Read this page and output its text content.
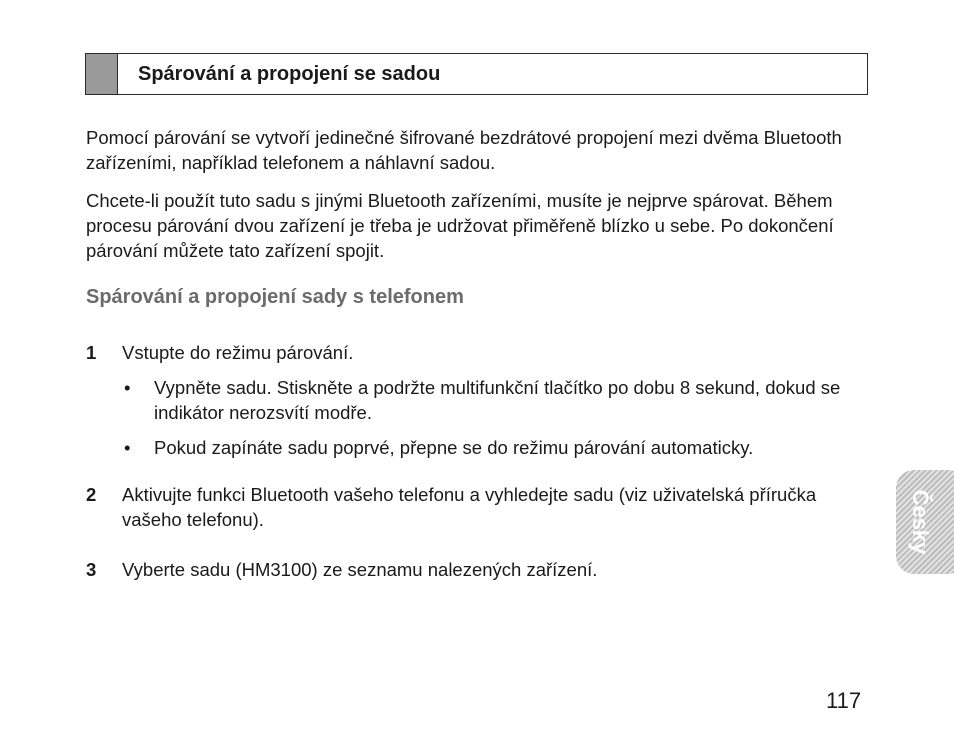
Spárování a propojení se sadou

Pomocí párování se vytvoří jedinečné šifrované bezdrátové propojení mezi dvěma Bluetooth zařízeními, například telefonem a náhlavní sadou.

Chcete-li použít tuto sadu s jinými Bluetooth zařízeními, musíte je nejprve spárovat. Během procesu párování dvou zařízení je třeba je udržovat přiměřeně blízko u sebe. Po dokončení párování můžete tato zařízení spojit.

Spárování a propojení sady s telefonem
1	Vstupte do režimu párování.
• Vypněte sadu. Stiskněte a podržte multifunkční tlačítko po dobu 8 sekund, dokud se indikátor nerozsvítí modře.
• Pokud zapínáte sadu poprvé, přepne se do režimu párování automaticky.
2	Aktivujte funkci Bluetooth vašeho telefonu a vyhledejte sadu (viz uživatelská příručka vašeho telefonu).
3	Vyberte sadu (HM3100) ze seznamu nalezených zařízení.
Česky
117
